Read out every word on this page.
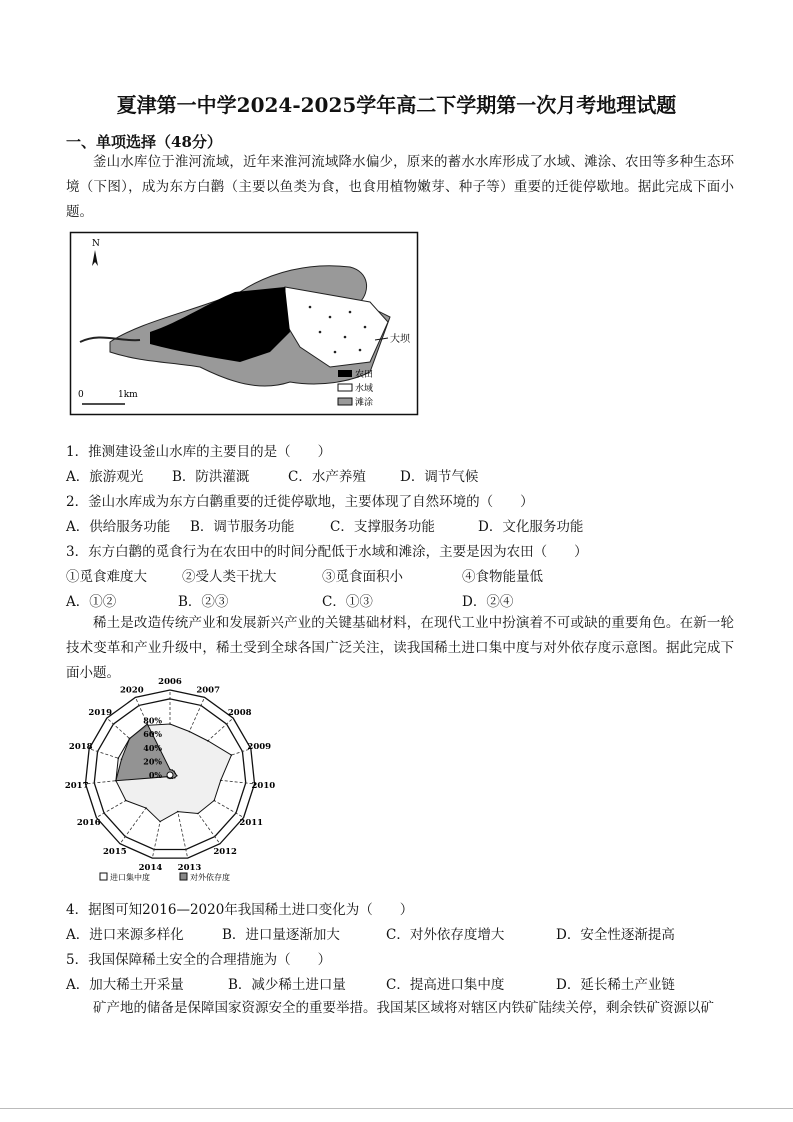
夏津第一中学2024-2025学年高二下学期第一次月考地理试题
一、单项选择（48分）
釜山水库位于淮河流域，近年来淮河流域降水偏少，原来的蓄水水库形成了水域、滩涂、农田等多种生态环境（下图），成为东方白鹳（主要以鱼类为食，也食用植物嫩芽、种子等）重要的迁徙停歇地。据此完成下面小题。
大坝
N
0	1km
农田
水域
滩涂
1．推测建设釜山水库的主要目的是（　　）
A．旅游观光 B．防洪灌溉	C．水产养殖	D．调节气候
2．釜山水库成为东方白鹳重要的迁徙停歇地，主要体现了自然环境的（　　）
A．供给服务功能 B．调节服务功能	C．支撑服务功能	D．文化服务功能
3．东方白鹳的觅食行为在农田中的时间分配低于水域和滩涂，主要是因为农田（　　）
①觅食难度大	②受人类干扰大	③觅食面积小	④食物能量低
A．①②	B．②③	C．①③	D．②④
稀土是改造传统产业和发展新兴产业的关键基础材料，在现代工业中扮演着不可或缺的重要角色。在新一轮技术变革和产业升级中，稀土受到全球各国广泛关注，读我国稀土进口集中度与对外依存度示意图。据此完成下面小题。
2006
2007
2008
2009
2010
2011
2012
2013
2014
2015
2016
2017
2018
2019
2020
0%
20%
40%
60%
80%
进口集中度	对外依存度
4．据图可知2016—2020年我国稀土进口变化为（　　）
A．进口来源多样化	B．进口量逐渐加大	C．对外依存度增大	D．安全性逐渐提高
5．我国保障稀土安全的合理措施为（　　）
A．加大稀土开采量	B．减少稀土进口量	C．提高进口集中度	D．延长稀土产业链
矿产地的储备是保障国家资源安全的重要举措。我国某区域将对辖区内铁矿陆续关停，剩余铁矿资源以矿
